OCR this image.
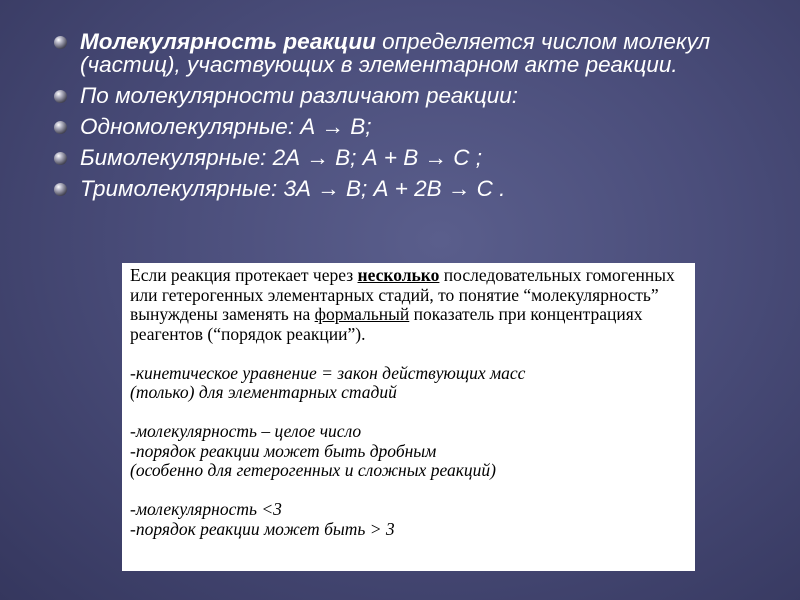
Молекулярность реакции определяется числом молекул (частиц), участвующих в элементарном акте реакции.
По молекулярности различают реакции:
Одномолекулярные: А → В;
Бимолекулярные: 2А → В; А + В → С ;
Тримолекулярные: 3А → В; А + 2В → С .

Если реакция протекает через несколько последовательных гомогенных или гетерогенных элементарных стадий, то понятие “молекулярность” вынуждены заменять на формальный показатель при концентрациях реагентов (“порядок реакции”).

-кинетическое уравнение = закон действующих масс

(только) для элементарных стадий

-молекулярность – целое число

-порядок реакции может быть дробным

(особенно для гетерогенных и сложных реакций)

-молекулярность <3

-порядок реакции может быть > 3
